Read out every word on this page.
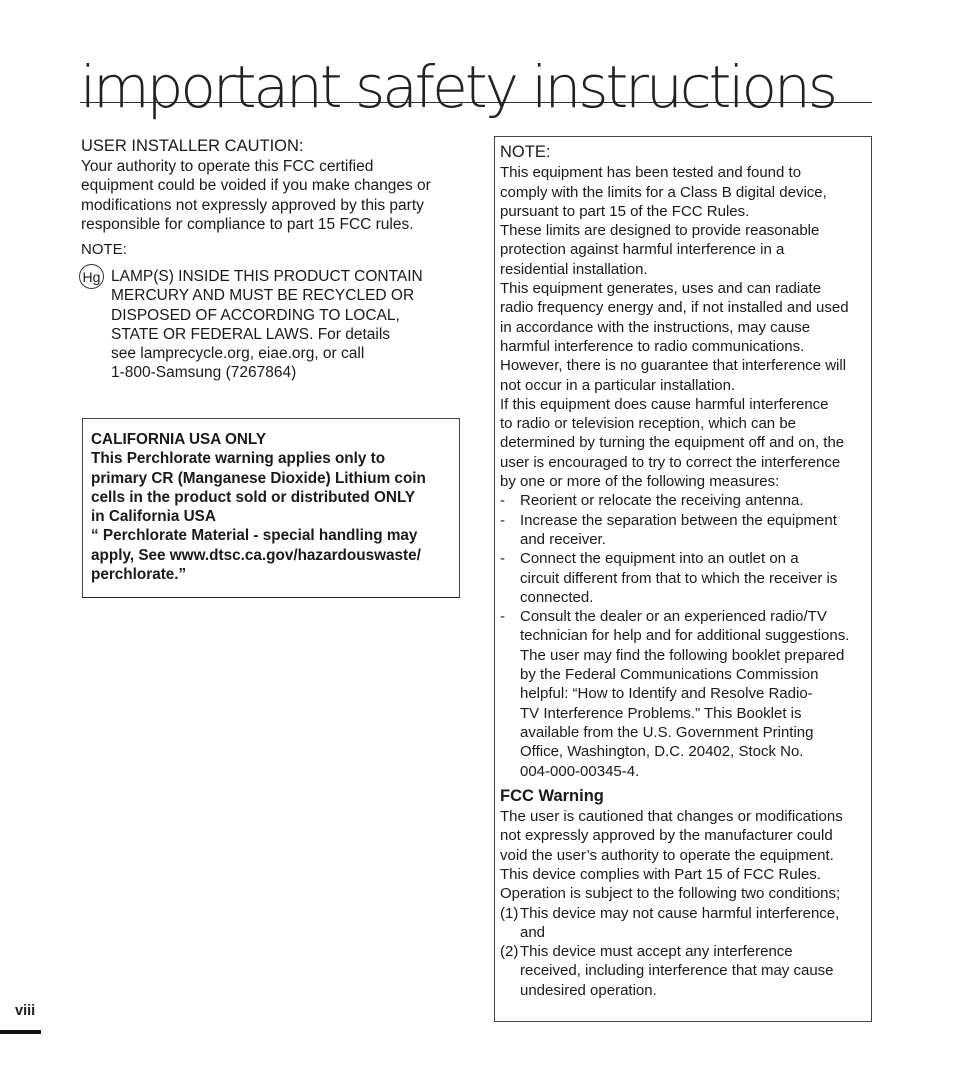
important safety instructions

USER INSTALLER CAUTION:

Your authority to operate this FCC certified

equipment could be voided if you make changes or

modifications not expressly approved by this party

responsible for compliance to part 15 FCC rules.

NOTE:

Hg LAMP(S) INSIDE THIS PRODUCT CONTAIN

MERCURY AND MUST BE RECYCLED OR

DISPOSED OF ACCORDING TO LOCAL,

STATE OR FEDERAL LAWS. For details

see lamprecycle.org, eiae.org, or call

1-800-Samsung (7267864)

CALIFORNIA USA ONLY

This Perchlorate warning applies only to

primary CR (Manganese Dioxide) Lithium coin

cells in the product sold or distributed ONLY

in California USA

“ Perchlorate Material - special handling may

apply, See www.dtsc.ca.gov/hazardouswaste/

perchlorate.”

NOTE:

This equipment has been tested and found to

comply with the limits for a Class B digital device,

pursuant to part 15 of the FCC Rules.

These limits are designed to provide reasonable

protection against harmful interference in a

residential installation.

This equipment generates, uses and can radiate

radio frequency energy and, if not installed and used

in accordance with the instructions, may cause

harmful interference to radio communications.

However, there is no guarantee that interference will

not occur in a particular installation.

If this equipment does cause harmful interference

to radio or television reception, which can be

determined by turning the equipment off and on, the

user is encouraged to try to correct the interference

by one or more of the following measures:

- Reorient or relocate the receiving antenna.
- Increase the separation between the equipment
and receiver.
- Connect the equipment into an outlet on a
circuit different from that to which the receiver is
connected.
- Consult the dealer or an experienced radio/TV
technician for help and for additional suggestions.
The user may find the following booklet prepared
by the Federal Communications Commission
helpful: “How to Identify and Resolve Radio-
TV Interference Problems.” This Booklet is
available from the U.S. Government Printing
Office, Washington, D.C. 20402, Stock No.
004-000-00345-4.

FCC Warning

The user is cautioned that changes or modifications

not expressly approved by the manufacturer could

void the user’s authority to operate the equipment.

This device complies with Part 15 of FCC Rules.

Operation is subject to the following two conditions;

(1) This device may not cause harmful interference,
and
(2) This device must accept any interference
received, including interference that may cause
undesired operation.
viii
